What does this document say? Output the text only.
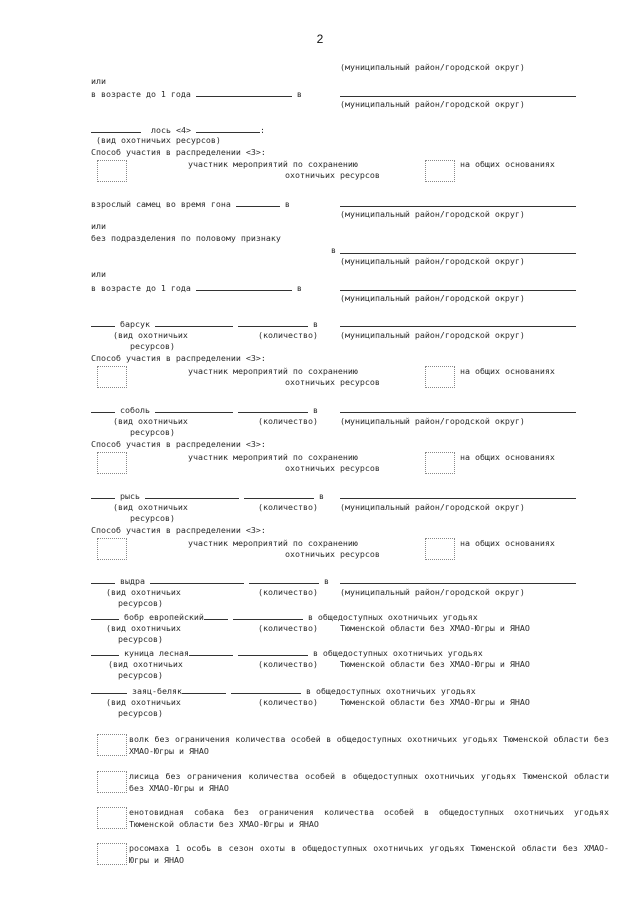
2
(муниципальный район/городской округ)
или
в возрасте до 1 года	в
(муниципальный район/городской округ)
лось <4>	:
(вид охотничьих ресурсов)
Способ участия в распределении <3>:
участник мероприятий по сохранению
охотничьих ресурсов
на общих основаниях
взрослый самец во время гона	в
(муниципальный район/городской округ)
или
без подразделения по половому признаку
в
(муниципальный район/городской округ)
или
в возрасте до 1 года	в
(муниципальный район/городской округ)
барсук	в
(вид охотничьих	(количество)	(муниципальный район/городской округ)
ресурсов)
Способ участия в распределении <3>:
участник мероприятий по сохранению
охотничьих ресурсов
на общих основаниях
соболь	в
(вид охотничьих	(количество)	(муниципальный район/городской округ)
ресурсов)
Способ участия в распределении <3>:
участник мероприятий по сохранению
охотничьих ресурсов
на общих основаниях
рысь	в
(вид охотничьих	(количество)	(муниципальный район/городской округ)
ресурсов)
Способ участия в распределении <3>:
участник мероприятий по сохранению
охотничьих ресурсов
на общих основаниях
выдра	в
(вид охотничьих	(количество)	(муниципальный район/городской округ)
ресурсов)
бобр европейский	в общедоступных охотничьих угодьях
(вид охотничьих	(количество)	Тюменской области без ХМАО-Югры и ЯНАО
ресурсов)
куница лесная	в общедоступных охотничьих угодьях
(вид охотничьих	(количество)	Тюменской области без ХМАО-Югры и ЯНАО
ресурсов)
заяц-беляк	в общедоступных охотничьих угодьях
(вид охотничьих	(количество)	Тюменской области без ХМАО-Югры и ЯНАО
ресурсов)
волк без ограничения количества особей в общедоступных охотничьих угодьях Тюменской области без ХМАО-Югры и ЯНАО
лисица без ограничения количества особей в общедоступных охотничьих угодьях Тюменской области без ХМАО-Югры и ЯНАО
енотовидная собака без ограничения количества особей в общедоступных охотничьих угодьях Тюменской области без ХМАО-Югры и ЯНАО
росомаха 1 особь в сезон охоты в общедоступных охотничьих угодьях Тюменской области без ХМАО-Югры и ЯНАО
